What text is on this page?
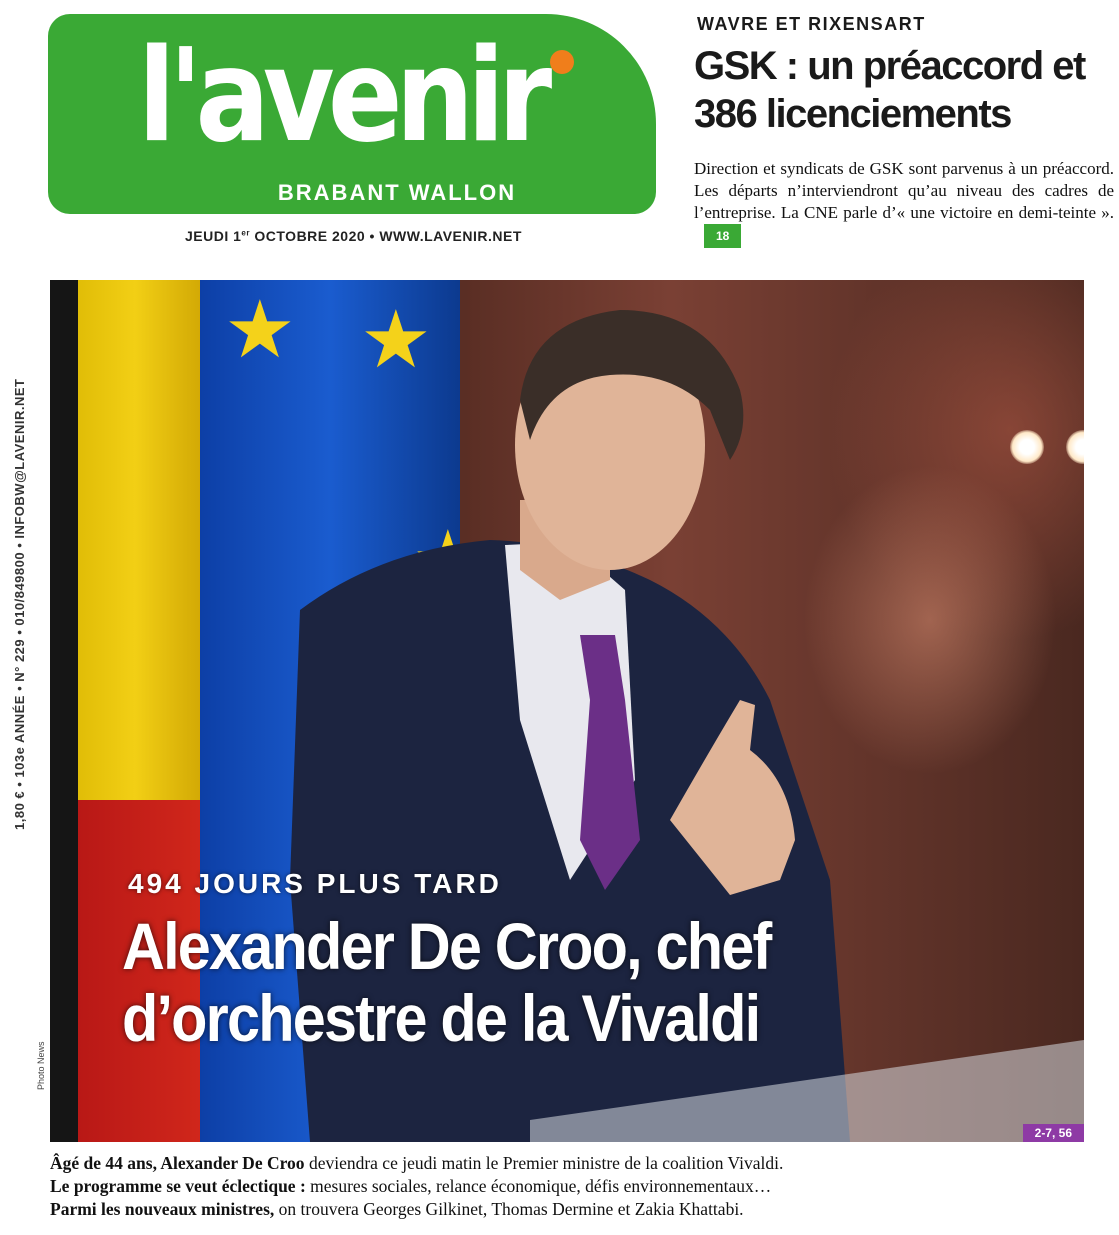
l'avenir
BRABANT WALLON
JEUDI 1er OCTOBRE 2020 • WWW.LAVENIR.NET
WAVRE ET RIXENSART
GSK : un préaccord et 386 licenciements
Direction et syndicats de GSK sont parvenus à un préaccord. Les départs n’interviendront qu’au niveau des cadres de l’entreprise. La CNE parle d’« une victoire en demi-teinte ».18
1,80 € • 103e ANNÉE • N° 229 • 010/849800 • INFOBW@LAVENIR.NET
★ ★
494 JOURS PLUS TARD
Alexander De Croo, chef d’orchestre de la Vivaldi
2-7, 56
Photo News

Âgé de 44 ans, Alexander De Croo deviendra ce jeudi matin le Premier ministre de la coalition Vivaldi.

Le programme se veut éclectique : mesures sociales, relance économique, défis environnementaux…

Parmi les nouveaux ministres, on trouvera Georges Gilkinet, Thomas Dermine et Zakia Khattabi.
